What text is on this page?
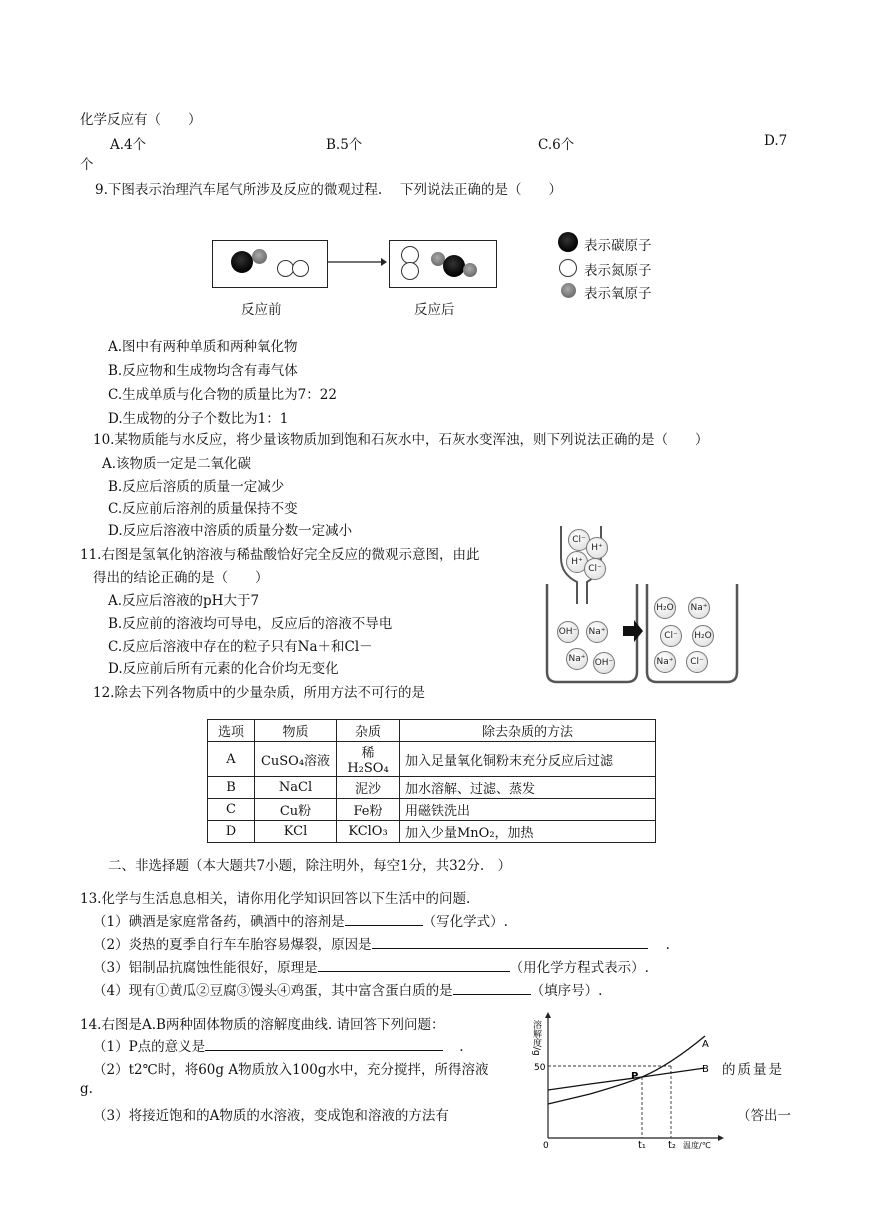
化学反应有（　　）
A.4个	B.5个	C.6个	D.7
个
9.下图表示治理汽车尾气所涉及反应的微观过程.　 下列说法正确的是（　　）
反应前	反应后
表示碳原子
表示氮原子
表示氧原子
A.图中有两种单质和两种氧化物
B.反应物和生成物均含有毒气体
C.生成单质与化合物的质量比为7：22
D.生成物的分子个数比为1：1
10.某物质能与水反应，将少量该物质加到饱和石灰水中，石灰水变浑浊，则下列说法正确的是（　　）
A.该物质一定是二氧化碳
B.反应后溶质的质量一定减少
C.反应前后溶剂的质量保持不变
D.反应后溶液中溶质的质量分数一定减小
11.右图是氢氧化钠溶液与稀盐酸恰好完全反应的微观示意图，由此
得出的结论正确的是（　　）
A.反应后溶液的pH大于7
B.反应前的溶液均可导电，反应后的溶液不导电
C.反应后溶液中存在的粒子只有Na＋和Cl－
D.反应前后所有元素的化合价均无变化
Cl⁻
H⁺
H⁺
Cl⁻
OH⁻ Na⁺
Na⁺ OH⁻
H₂O Na⁺
Cl⁻	H₂O
Na⁺	Cl⁻
12.除去下列各物质中的少量杂质，所用方法不可行的是
选项	物质	杂质	除去杂质的方法
A	CuSO₄溶液	稀H₂SO₄	加入足量氧化铜粉末充分反应后过滤
B	NaCl	泥沙	加水溶解、过滤、蒸发
C	Cu粉	Fe粉	用磁铁洗出
D	KCl	KClO₃	加入少量MnO₂，加热
二、非选择题（本大题共7小题，除注明外，每空1分，共32分.　）
13.化学与生活息息相关，请你用化学知识回答以下生活中的问题.
（1）碘酒是家庭常备药，碘酒中的溶剂是	（写化学式）.
（2）炎热的夏季自行车车胎容易爆裂，原因是	.
（3）铝制品抗腐蚀性能很好，原理是	（用化学方程式表示）.
（4）现有①黄瓜②豆腐③馒头④鸡蛋，其中富含蛋白质的是	（填序号）.
14.右图是A.B两种固体物质的溶解度曲线. 请回答下列问题：
（1）P点的意义是	.
（2）t2℃时，将60g A物质放入100g水中，充分搅拌，所得溶液	的质量是
g.
（3）将接近饱和的A物质的水溶液，变成饱和溶液的方法有	（答出一
溶解度/g
50
0	t₁ t₂ 温度/℃
A
B
P
